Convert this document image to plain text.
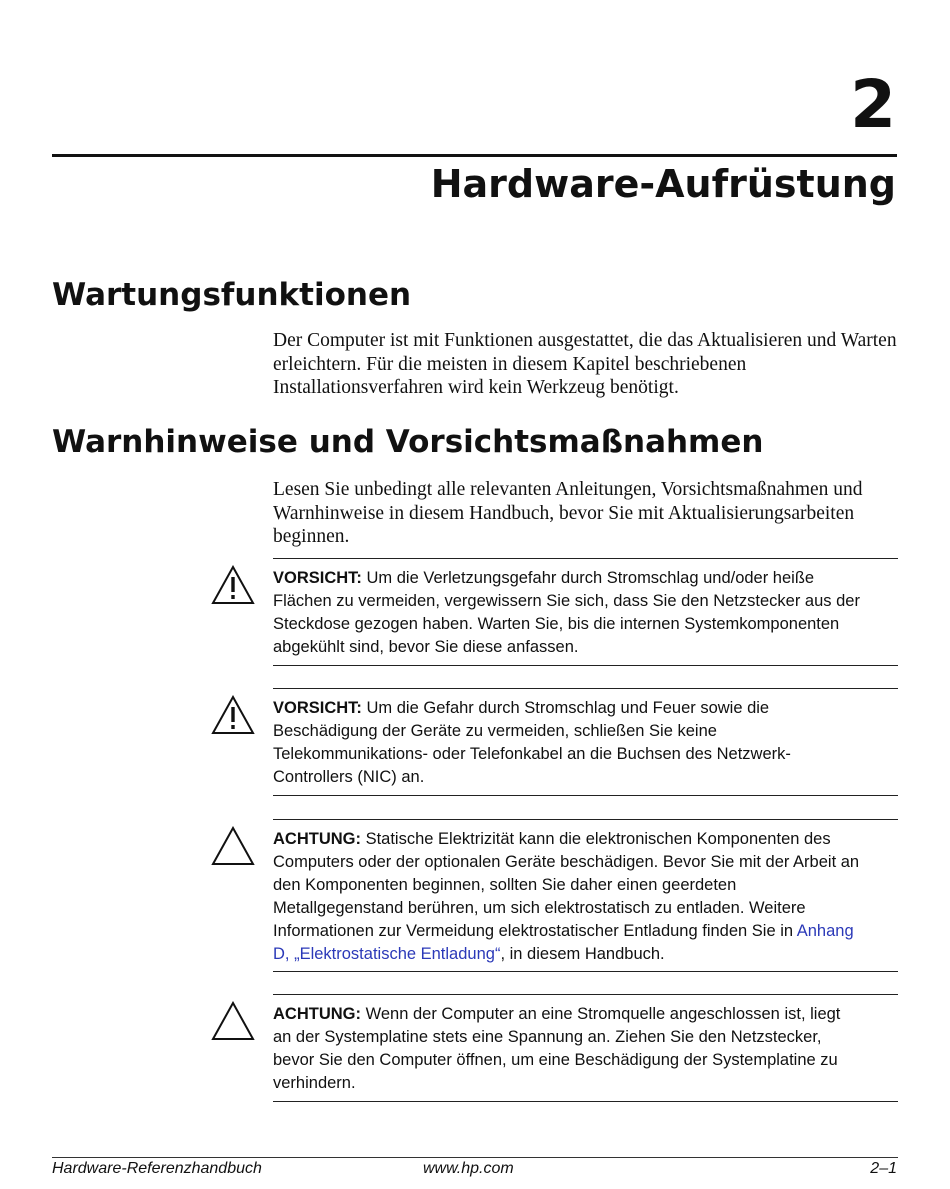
2
Hardware-Aufrüstung
Wartungsfunktionen

Der Computer ist mit Funktionen ausgestattet, die das Aktualisieren und Warten erleichtern. Für die meisten in diesem Kapitel beschriebenen Installationsverfahren wird kein Werkzeug benötigt.

Warnhinweise und Vorsichtsmaßnahmen

Lesen Sie unbedingt alle relevanten Anleitungen, Vorsichtsmaßnahmen und Warnhinweise in diesem Handbuch, bevor Sie mit Aktualisierungsarbeiten beginnen.

VORSICHT: Um die Verletzungsgefahr durch Stromschlag und/oder heiße Flächen zu vermeiden, vergewissern Sie sich, dass Sie den Netzstecker aus der Steckdose gezogen haben. Warten Sie, bis die internen Systemkomponenten abgekühlt sind, bevor Sie diese anfassen.

VORSICHT: Um die Gefahr durch Stromschlag und Feuer sowie die Beschädigung der Geräte zu vermeiden, schließen Sie keine Telekommunikations- oder Telefonkabel an die Buchsen des Netzwerk-Controllers (NIC) an.

ACHTUNG: Statische Elektrizität kann die elektronischen Komponenten des Computers oder der optionalen Geräte beschädigen. Bevor Sie mit der Arbeit an den Komponenten beginnen, sollten Sie daher einen geerdeten Metallgegenstand berühren, um sich elektrostatisch zu entladen. Weitere Informationen zur Vermeidung elektrostatischer Entladung finden Sie in Anhang D, „Elektrostatische Entladung“, in diesem Handbuch.

ACHTUNG: Wenn der Computer an eine Stromquelle angeschlossen ist, liegt an der Systemplatine stets eine Spannung an. Ziehen Sie den Netzstecker, bevor Sie den Computer öffnen, um eine Beschädigung der Systemplatine zu verhindern.

Hardware-Referenzhandbuch	www.hp.com	2–1
